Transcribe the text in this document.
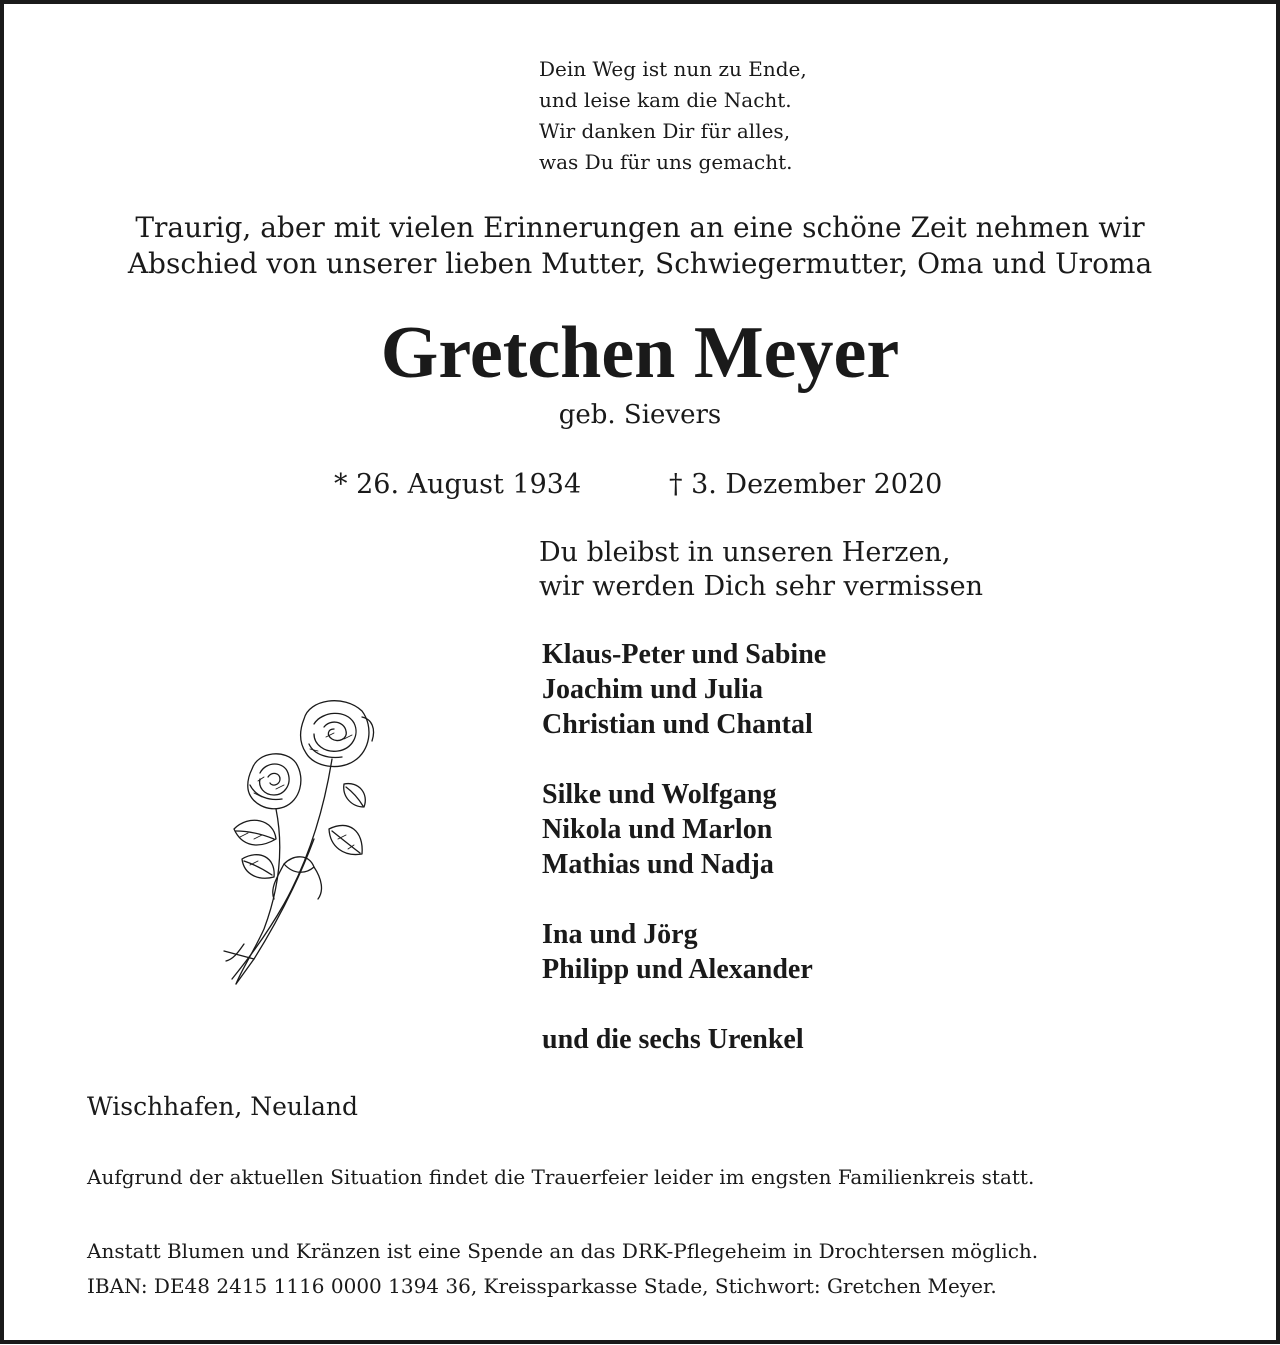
Dein Weg ist nun zu Ende,
und leise kam die Nacht.
Wir danken Dir für alles,
was Du für uns gemacht.
Traurig, aber mit vielen Erinnerungen an eine schöne Zeit nehmen wir
Abschied von unserer lieben Mutter, Schwiegermutter, Oma und Uroma
Gretchen Meyer
geb. Sievers
* 26. August 1934	† 3. Dezember 2020
Du bleibst in unseren Herzen,
wir werden Dich sehr vermissen
Klaus-Peter und Sabine
Joachim und Julia
Christian und Chantal
Silke und Wolfgang
Nikola und Marlon
Mathias und Nadja
Ina und Jörg
Philipp und Alexander
und die sechs Urenkel
Wischhafen, Neuland
Aufgrund der aktuellen Situation findet die Trauerfeier leider im engsten Familienkreis statt.
Anstatt Blumen und Kränzen ist eine Spende an das DRK-Pflegeheim in Drochtersen möglich.
IBAN: DE48 2415 1116 0000 1394 36, Kreissparkasse Stade, Stichwort: Gretchen Meyer.
